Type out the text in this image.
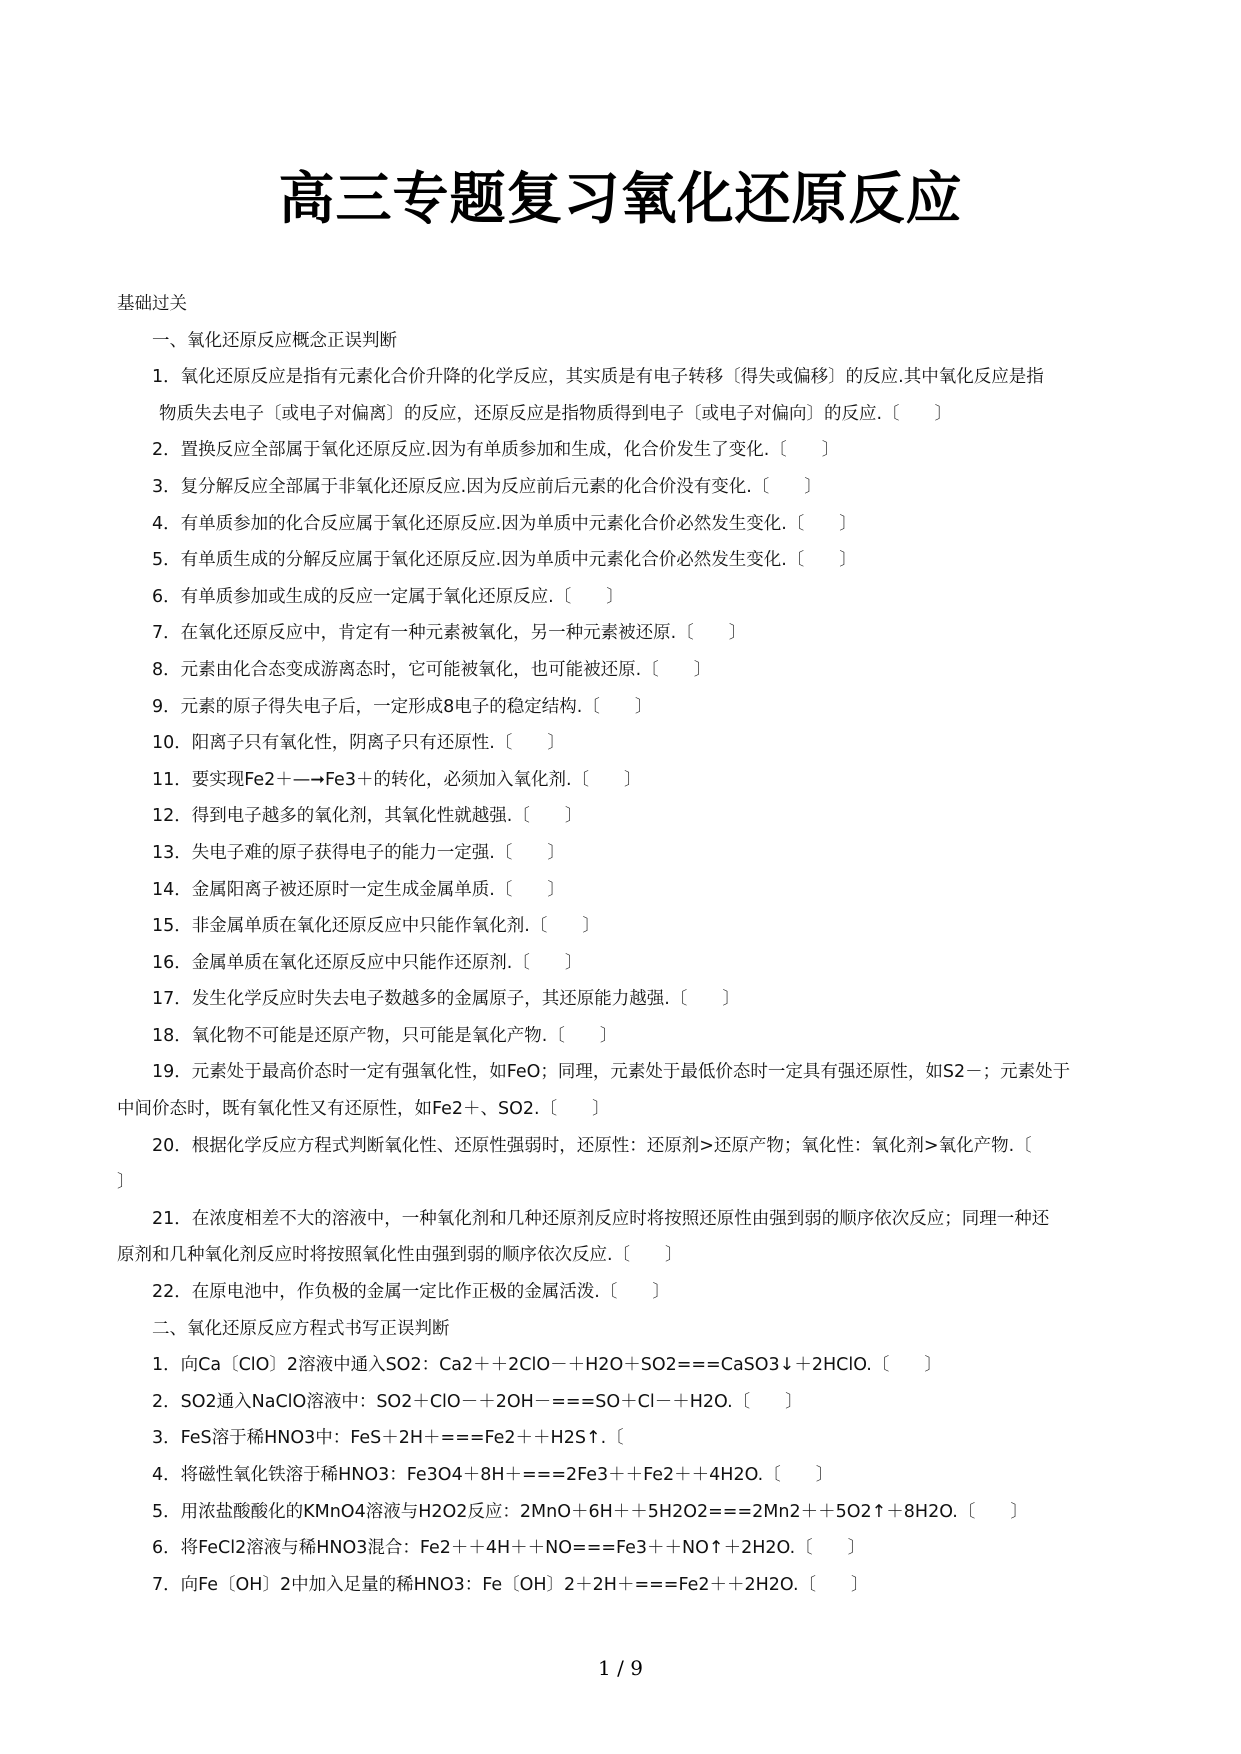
高三专题复习氧化还原反应
基础过关
一、氧化还原反应概念正误判断
1．氧化还原反应是指有元素化合价升降的化学反应，其实质是有电子转移〔得失或偏移〕的反应.其中氧化反应是指
物质失去电子〔或电子对偏离〕的反应，还原反应是指物质得到电子〔或电子对偏向〕的反应.〔　　〕
2．置换反应全部属于氧化还原反应.因为有单质参加和生成，化合价发生了变化.〔　　〕
3．复分解反应全部属于非氧化还原反应.因为反应前后元素的化合价没有变化.〔　　〕
4．有单质参加的化合反应属于氧化还原反应.因为单质中元素化合价必然发生变化.〔　　〕
5．有单质生成的分解反应属于氧化还原反应.因为单质中元素化合价必然发生变化.〔　　〕
6．有单质参加或生成的反应一定属于氧化还原反应.〔　　〕
7．在氧化还原反应中，肯定有一种元素被氧化，另一种元素被还原.〔　　〕
8．元素由化合态变成游离态时，它可能被氧化，也可能被还原.〔　　〕
9．元素的原子得失电子后，一定形成8电子的稳定结构.〔　　〕
10．阳离子只有氧化性，阴离子只有还原性.〔　　〕
11．要实现Fe2＋—➞Fe3＋的转化，必须加入氧化剂.〔　　〕
12．得到电子越多的氧化剂，其氧化性就越强.〔　　〕
13．失电子难的原子获得电子的能力一定强.〔　　〕
14．金属阳离子被还原时一定生成金属单质.〔　　〕
15．非金属单质在氧化还原反应中只能作氧化剂.〔　　〕
16．金属单质在氧化还原反应中只能作还原剂.〔　　〕
17．发生化学反应时失去电子数越多的金属原子，其还原能力越强.〔　　〕
18．氧化物不可能是还原产物，只可能是氧化产物.〔　　〕
19．元素处于最高价态时一定有强氧化性，如FeO；同理，元素处于最低价态时一定具有强还原性，如S2－；元素处于
中间价态时，既有氧化性又有还原性，如Fe2＋、SO2.〔　　〕
20．根据化学反应方程式判断氧化性、还原性强弱时，还原性：还原剂>还原产物；氧化性：氧化剂>氧化产物.〔
〕
21．在浓度相差不大的溶液中，一种氧化剂和几种还原剂反应时将按照还原性由强到弱的顺序依次反应；同理一种还
原剂和几种氧化剂反应时将按照氧化性由强到弱的顺序依次反应.〔　　〕
22．在原电池中，作负极的金属一定比作正极的金属活泼.〔　　〕
二、氧化还原反应方程式书写正误判断
1．向Ca〔ClO〕2溶液中通入SO2：Ca2＋＋2ClO－＋H2O＋SO2===CaSO3↓＋2HClO.〔　　〕
2．SO2通入NaClO溶液中：SO2＋ClO－＋2OH－===SO＋Cl－＋H2O.〔　　〕
3．FeS溶于稀HNO3中：FeS＋2H＋===Fe2＋＋H2S↑.〔
4．将磁性氧化铁溶于稀HNO3：Fe3O4＋8H＋===2Fe3＋＋Fe2＋＋4H2O.〔　　〕
5．用浓盐酸酸化的KMnO4溶液与H2O2反应：2MnO＋6H＋＋5H2O2===2Mn2＋＋5O2↑＋8H2O.〔　　〕
6．将FeCl2溶液与稀HNO3混合：Fe2＋＋4H＋＋NO===Fe3＋＋NO↑＋2H2O.〔　　〕
7．向Fe〔OH〕2中加入足量的稀HNO3：Fe〔OH〕2＋2H＋===Fe2＋＋2H2O.〔　　〕
1 / 9
